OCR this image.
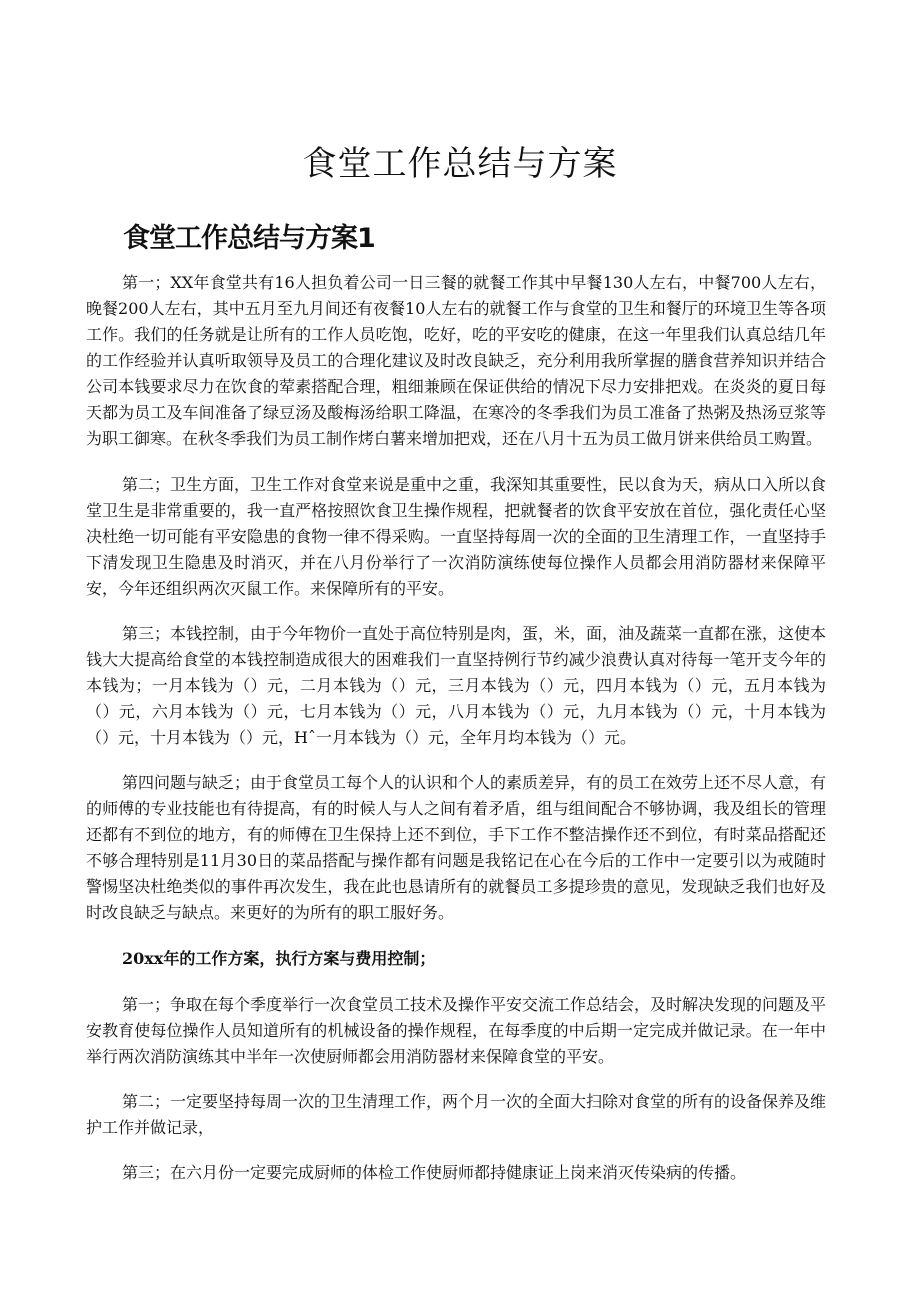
食堂工作总结与方案
食堂工作总结与方案1

第一；XX年食堂共有16人担负着公司一日三餐的就餐工作其中早餐130人左右，中餐700人左右，晚餐200人左右，其中五月至九月间还有夜餐10人左右的就餐工作与食堂的卫生和餐厅的环境卫生等各项工作。我们的任务就是让所有的工作人员吃饱，吃好，吃的平安吃的健康，在这一年里我们认真总结几年的工作经验并认真听取领导及员工的合理化建议及时改良缺乏，充分利用我所掌握的膳食营养知识并结合公司本钱要求尽力在饮食的荤素搭配合理，粗细兼顾在保证供给的情况下尽力安排把戏。在炎炎的夏日每天都为员工及车间准备了绿豆汤及酸梅汤给职工降温，在寒冷的冬季我们为员工准备了热粥及热汤豆浆等为职工御寒。在秋冬季我们为员工制作烤白薯来增加把戏，还在八月十五为员工做月饼来供给员工购置。

第二；卫生方面，卫生工作对食堂来说是重中之重，我深知其重要性，民以食为天，病从口入所以食堂卫生是非常重要的，我一直严格按照饮食卫生操作规程，把就餐者的饮食平安放在首位，强化责任心坚决杜绝一切可能有平安隐患的食物一律不得采购。一直坚持每周一次的全面的卫生清理工作，一直坚持手下清发现卫生隐患及时消灭，并在八月份举行了一次消防演练使每位操作人员都会用消防器材来保障平安，今年还组织两次灭鼠工作。来保障所有的平安。

第三；本钱控制，由于今年物价一直处于高位特别是肉，蛋，米，面，油及蔬菜一直都在涨，这使本钱大大提高给食堂的本钱控制造成很大的困难我们一直坚持例行节约减少浪费认真对待每一笔开支今年的本钱为；一月本钱为（）元，二月本钱为（）元，三月本钱为（）元，四月本钱为（）元，五月本钱为（）元，六月本钱为（）元，七月本钱为（）元，八月本钱为（）元，九月本钱为（）元，十月本钱为（）元，十月本钱为（）元，Hˆ一月本钱为（）元，全年月均本钱为（）元。

第四问题与缺乏；由于食堂员工每个人的认识和个人的素质差异，有的员工在效劳上还不尽人意，有的师傅的专业技能也有待提高，有的时候人与人之间有着矛盾，组与组间配合不够协调，我及组长的管理还都有不到位的地方，有的师傅在卫生保持上还不到位，手下工作不整洁操作还不到位，有时菜品搭配还不够合理特别是11月30日的菜品搭配与操作都有问题是我铭记在心在今后的工作中一定要引以为戒随时警惕坚决杜绝类似的事件再次发生，我在此也恳请所有的就餐员工多提珍贵的意见，发现缺乏我们也好及时改良缺乏与缺点。来更好的为所有的职工服好务。

20xx年的工作方案，执行方案与费用控制；

第一；争取在每个季度举行一次食堂员工技术及操作平安交流工作总结会，及时解决发现的问题及平安教育使每位操作人员知道所有的机械设备的操作规程，在每季度的中后期一定完成并做记录。在一年中举行两次消防演练其中半年一次使厨师都会用消防器材来保障食堂的平安。

第二；一定要坚持每周一次的卫生清理工作，两个月一次的全面大扫除对食堂的所有的设备保养及维护工作并做记录，

第三；在六月份一定要完成厨师的体检工作使厨师都持健康证上岗来消灭传染病的传播。
